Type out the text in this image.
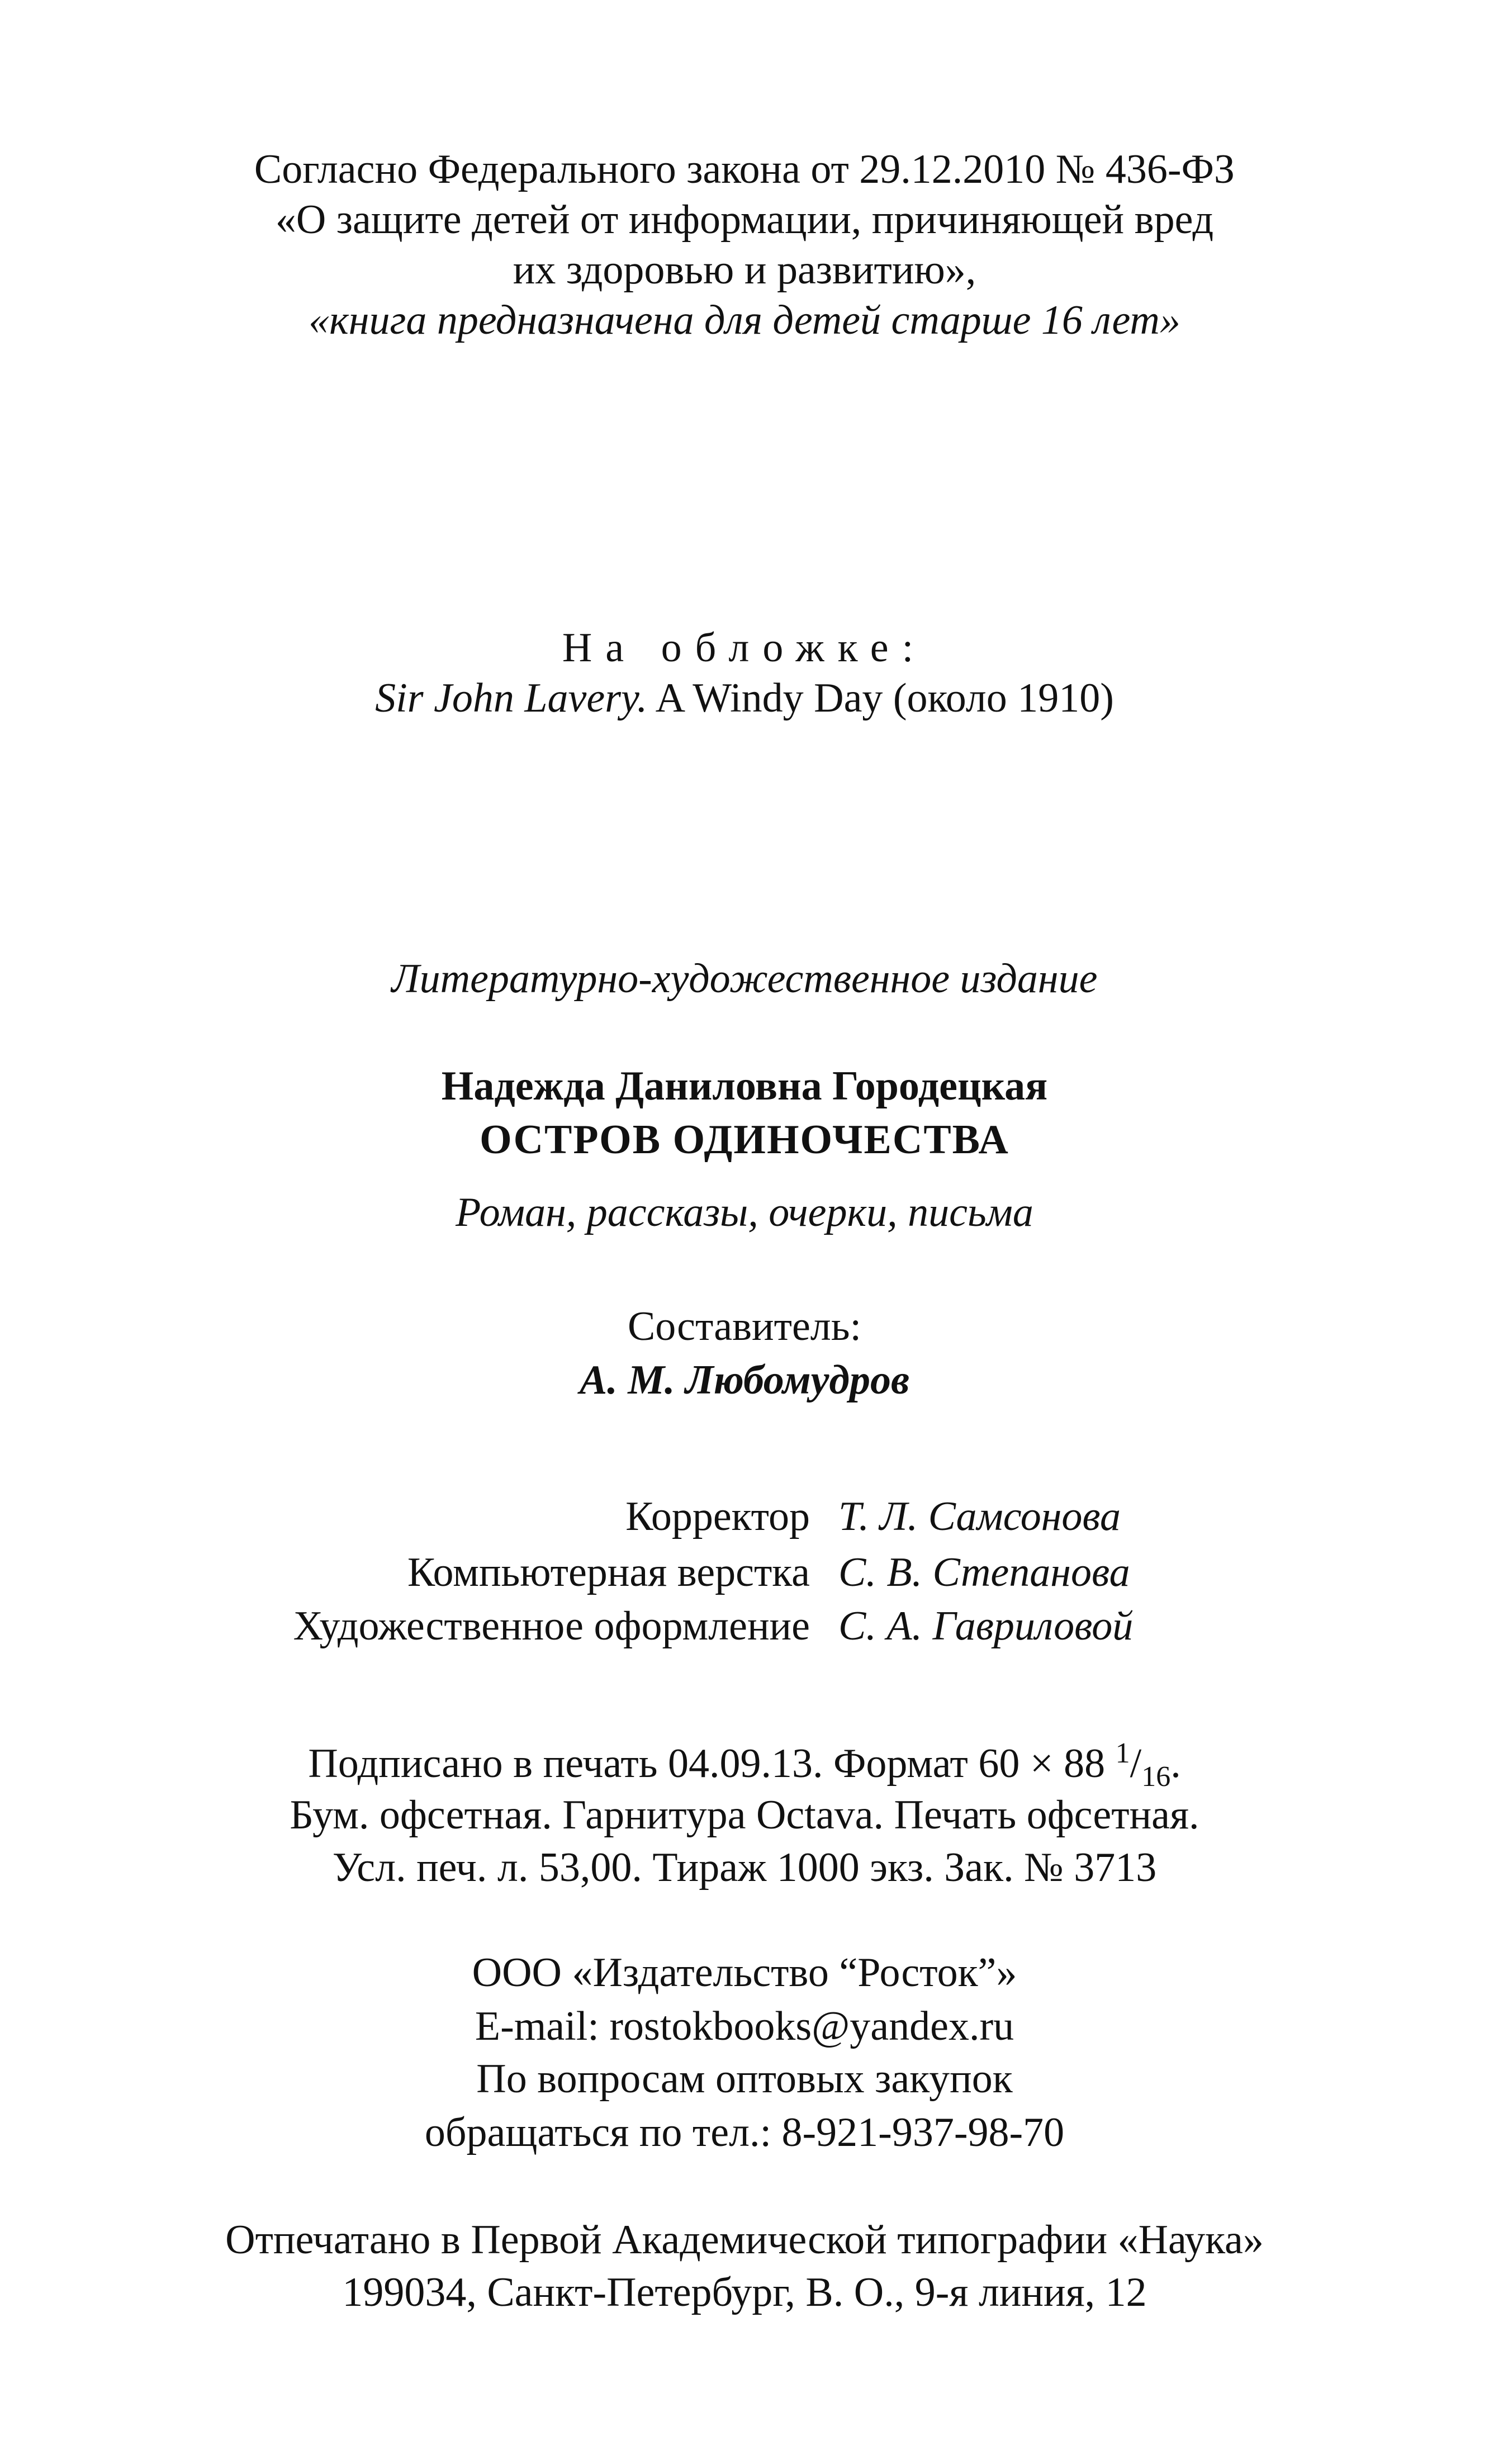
Согласно Федерального закона от 29.12.2010 № 436-ФЗ
«О защите детей от информации, причиняющей вред
их здоровью и развитию»,
«книга предназначена для детей старше 16 лет»
На обложке:
Sir John Lavery. A Windy Day (около 1910)
Литературно-художественное издание
Надежда Даниловна Городецкая
ОСТРОВ ОДИНОЧЕСТВА
Роман, рассказы, очерки, письма
Составитель:
А. М. Любомудров
Корректор Т. Л. Самсонова
Компьютерная верстка С. В. Степанова
Художественное оформление С. А. Гавриловой
Подписано в печать 04.09.13. Формат 60 × 88 $^1/_{16}$.
Бум. офсетная. Гарнитура Octava. Печать офсетная.
Усл. печ. л. 53,00. Тираж 1000 экз. Зак. № 3713
ООО «Издательство “Росток”»
E-mail: rostokbooks@yandex.ru
По вопросам оптовых закупок
обращаться по тел.: 8-921-937-98-70
Отпечатано в Первой Академической типографии «Наука»
199034, Санкт-Петербург, В. О., 9-я линия, 12
